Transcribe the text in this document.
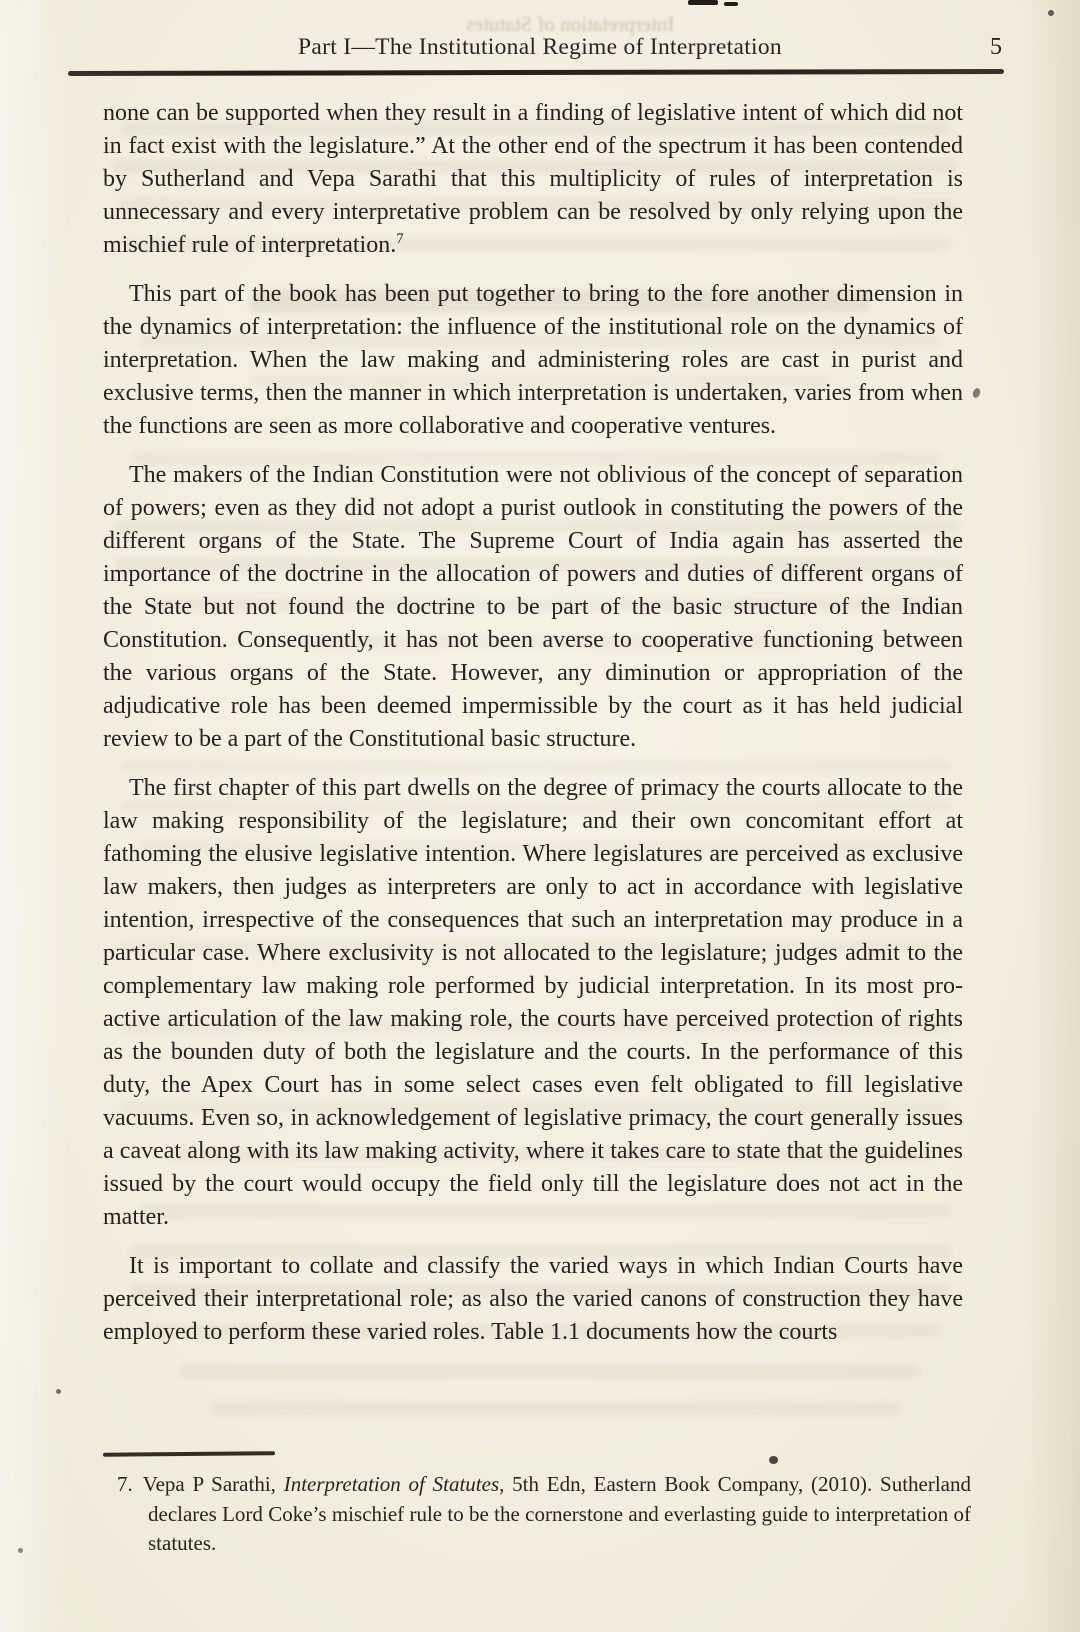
Interpretation of Statutes
Part I—The Institutional Regime of Interpretation	5

none can be supported when they result in a finding of legislative intent of which did not in fact exist with the legislature.” At the other end of the spectrum it has been contended by Sutherland and Vepa Sarathi that this multiplicity of rules of interpretation is unnecessary and every interpretative problem can be resolved by only relying upon the mischief rule of interpretation.$^7$

This part of the book has been put together to bring to the fore another dimension in the dynamics of interpretation: the influence of the institutional role on the dynamics of interpretation. When the law making and administering roles are cast in purist and exclusive terms, then the manner in which interpretation is undertaken, varies from when the functions are seen as more collaborative and cooperative ventures.

The makers of the Indian Constitution were not oblivious of the concept of separation of powers; even as they did not adopt a purist outlook in constituting the powers of the different organs of the State. The Supreme Court of India again has asserted the importance of the doctrine in the allocation of powers and duties of different organs of the State but not found the doctrine to be part of the basic structure of the Indian Constitution. Consequently, it has not been averse to cooperative functioning between the various organs of the State. However, any diminution or appropriation of the adjudicative role has been deemed impermissible by the court as it has held judicial review to be a part of the Constitutional basic structure.

The first chapter of this part dwells on the degree of primacy the courts allocate to the law making responsibility of the legislature; and their own concomitant effort at fathoming the elusive legislative intention. Where legislatures are perceived as exclusive law makers, then judges as interpreters are only to act in accordance with legislative intention, irrespective of the consequences that such an interpretation may produce in a particular case. Where exclusivity is not allocated to the legislature; judges admit to the complementary law making role performed by judicial interpretation. In its most pro-active articulation of the law making role, the courts have perceived protection of rights as the bounden duty of both the legislature and the courts. In the performance of this duty, the Apex Court has in some select cases even felt obligated to fill legislative vacuums. Even so, in acknowledgement of legislative primacy, the court generally issues a caveat along with its law making activity, where it takes care to state that the guidelines issued by the court would occupy the field only till the legislature does not act in the matter.

It is important to collate and classify the varied ways in which Indian Courts have perceived their interpretational role; as also the varied canons of construction they have employed to perform these varied roles. Table 1.1 documents how the courts

7. Vepa P Sarathi, Interpretation of Statutes, 5th Edn, Eastern Book Company, (2010). Sutherland declares Lord Coke’s mischief rule to be the cornerstone and everlasting guide to interpretation of statutes.
